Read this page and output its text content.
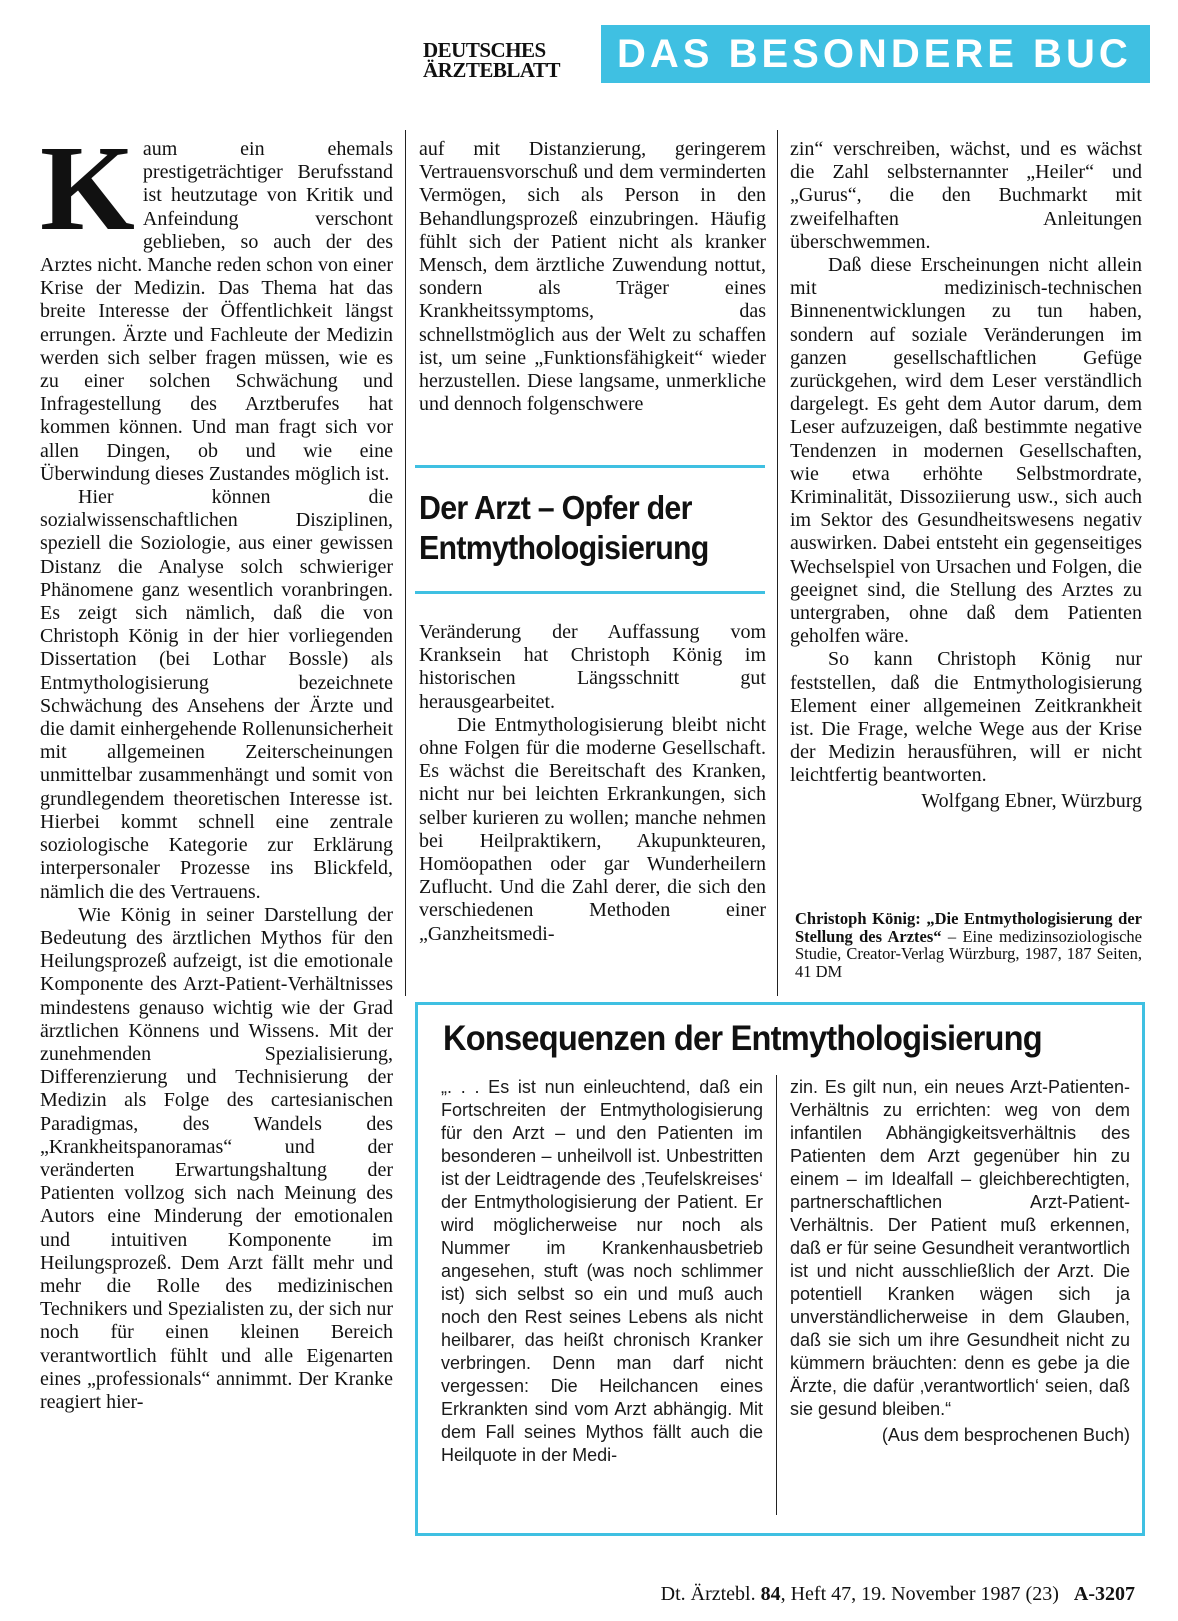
DEUTSCHES
ÄRZTEBLATT	DAS BESONDERE BUC

Kaum ein ehemals prestigeträchtiger Berufsstand ist heutzutage von Kritik und Anfeindung verschont geblieben, so auch der des Arztes nicht. Manche reden schon von einer Krise der Medizin. Das Thema hat das breite Interesse der Öffentlichkeit längst errungen. Ärzte und Fachleute der Medizin werden sich selber fragen müssen, wie es zu einer solchen Schwächung und Infragestellung des Arztberufes hat kommen können. Und man fragt sich vor allen Dingen, ob und wie eine Überwindung dieses Zustandes möglich ist.

Hier können die sozialwissenschaftlichen Disziplinen, speziell die Soziologie, aus einer gewissen Distanz die Analyse solch schwieriger Phänomene ganz wesentlich voranbringen. Es zeigt sich nämlich, daß die von Christoph König in der hier vorliegenden Dissertation (bei Lothar Bossle) als Entmythologisierung bezeichnete Schwächung des Ansehens der Ärzte und die damit einhergehende Rollenunsicherheit mit allgemeinen Zeiterscheinungen unmittelbar zusammenhängt und somit von grundlegendem theoretischen Interesse ist. Hierbei kommt schnell eine zentrale soziologische Kategorie zur Erklärung interpersonaler Prozesse ins Blickfeld, nämlich die des Vertrauens.

Wie König in seiner Darstellung der Bedeutung des ärztlichen Mythos für den Heilungsprozeß aufzeigt, ist die emotionale Komponente des Arzt-Patient-Verhältnisses mindestens genauso wichtig wie der Grad ärztlichen Könnens und Wissens. Mit der zunehmenden Spezialisierung, Differenzierung und Technisierung der Medizin als Folge des cartesianischen Paradigmas, des Wandels des „Krankheitspanoramas“ und der veränderten Erwartungshaltung der Patienten vollzog sich nach Meinung des Autors eine Minderung der emotionalen und intuitiven Komponente im Heilungsprozeß. Dem Arzt fällt mehr und mehr die Rolle des medizinischen Technikers und Spezialisten zu, der sich nur noch für einen kleinen Bereich verantwortlich fühlt und alle Eigenarten eines „professionals“ annimmt. Der Kranke reagiert hier-

auf mit Distanzierung, geringerem Vertrauensvorschuß und dem verminderten Vermögen, sich als Person in den Behandlungsprozeß einzubringen. Häufig fühlt sich der Patient nicht als kranker Mensch, dem ärztliche Zuwendung nottut, sondern als Träger eines Krankheitssymptoms, das schnellstmöglich aus der Welt zu schaffen ist, um seine „Funktionsfähigkeit“ wieder herzustellen. Diese langsame, unmerkliche und dennoch folgenschwere

Der Arzt – Opfer der Entmythologisierung

Veränderung der Auffassung vom Kranksein hat Christoph König im historischen Längsschnitt gut herausgearbeitet.

Die Entmythologisierung bleibt nicht ohne Folgen für die moderne Gesellschaft. Es wächst die Bereitschaft des Kranken, nicht nur bei leichten Erkrankungen, sich selber kurieren zu wollen; manche nehmen bei Heilpraktikern, Akupunkteuren, Homöopathen oder gar Wunderheilern Zuflucht. Und die Zahl derer, die sich den verschiedenen Methoden einer „Ganzheitsmedi-

zin“ verschreiben, wächst, und es wächst die Zahl selbsternannter „Heiler“ und „Gurus“, die den Buchmarkt mit zweifelhaften Anleitungen überschwemmen.

Daß diese Erscheinungen nicht allein mit medizinisch-technischen Binnenentwicklungen zu tun haben, sondern auf soziale Veränderungen im ganzen gesellschaftlichen Gefüge zurückgehen, wird dem Leser verständlich dargelegt. Es geht dem Autor darum, dem Leser aufzuzeigen, daß bestimmte negative Tendenzen in modernen Gesellschaften, wie etwa erhöhte Selbstmordrate, Kriminalität, Dissoziierung usw., sich auch im Sektor des Gesundheitswesens negativ auswirken. Dabei entsteht ein gegenseitiges Wechselspiel von Ursachen und Folgen, die geeignet sind, die Stellung des Arztes zu untergraben, ohne daß dem Patienten geholfen wäre.

So kann Christoph König nur feststellen, daß die Entmythologisierung Element einer allgemeinen Zeitkrankheit ist. Die Frage, welche Wege aus der Krise der Medizin herausführen, will er nicht leichtfertig beantworten.

Wolfgang Ebner, Würzburg

Christoph König: „Die Entmythologisierung der Stellung des Arztes“ – Eine medizinsoziologische Studie, Creator-Verlag Würzburg, 1987, 187 Seiten, 41 DM
Konsequenzen der Entmythologisierung

„. . . Es ist nun einleuchtend, daß ein Fortschreiten der Entmythologisierung für den Arzt – und den Patienten im besonderen – unheilvoll ist. Unbestritten ist der Leidtragende des ‚Teufelskreises‘ der Entmythologisierung der Patient. Er wird möglicherweise nur noch als Nummer im Krankenhausbetrieb angesehen, stuft (was noch schlimmer ist) sich selbst so ein und muß auch noch den Rest seines Lebens als nicht heilbarer, das heißt chronisch Kranker verbringen. Denn man darf nicht vergessen: Die Heilchancen eines Erkrankten sind vom Arzt abhängig. Mit dem Fall seines Mythos fällt auch die Heilquote in der Medi-

zin. Es gilt nun, ein neues Arzt-Patienten-Verhältnis zu errichten: weg von dem infantilen Abhängigkeitsverhältnis des Patienten dem Arzt gegenüber hin zu einem – im Idealfall – gleichberechtigten, partnerschaftlichen Arzt-Patient-Verhältnis. Der Patient muß erkennen, daß er für seine Gesundheit verantwortlich ist und nicht ausschließlich der Arzt. Die potentiell Kranken wägen sich ja unverständlicherweise in dem Glauben, daß sie sich um ihre Gesundheit nicht zu kümmern bräuchten: denn es gebe ja die Ärzte, die dafür ‚verantwortlich‘ seien, daß sie gesund bleiben.“

(Aus dem besprochenen Buch)

Dt. Ärztebl. 84, Heft 47, 19. November 1987 (23) A-3207
